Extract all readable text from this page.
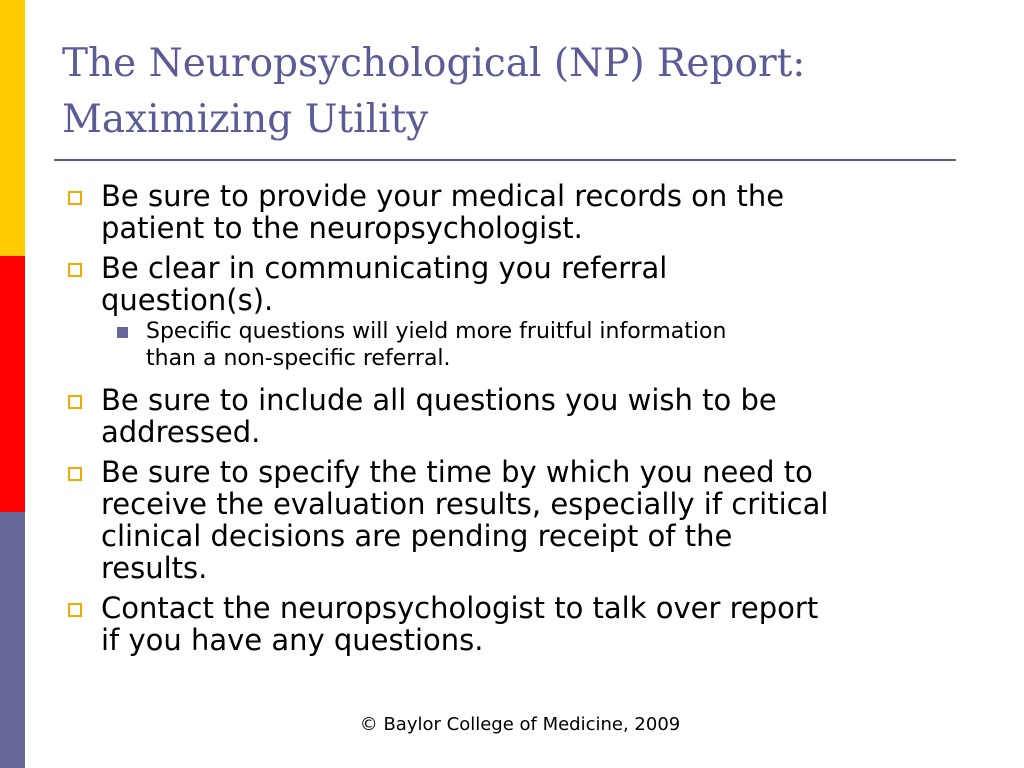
The Neuropsychological (NP) Report:
Maximizing Utility
Be sure to provide your medical records on the
patient to the neuropsychologist.
Be clear in communicating you referral
question(s).
Specific questions will yield more fruitful information
than a non-specific referral.
Be sure to include all questions you wish to be
addressed.
Be sure to specify the time by which you need to
receive the evaluation results, especially if critical
clinical decisions are pending receipt of the
results.
Contact the neuropsychologist to talk over report
if you have any questions.
© Baylor College of Medicine, 2009
